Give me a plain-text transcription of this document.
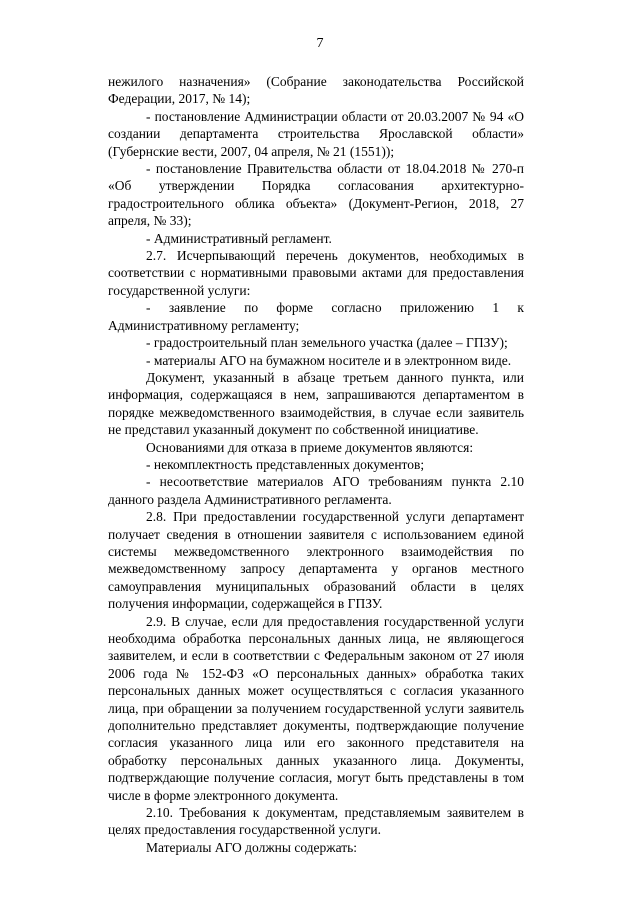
7

нежилого назначения» (Собрание законодательства Российской Федерации, 2017, № 14);

- постановление Администрации области от 20.03.2007 № 94 «О создании департамента строительства Ярославской области» (Губернские вести, 2007, 04 апреля, № 21 (1551));

- постановление Правительства области от 18.04.2018 № 270-п «Об утверждении Порядка согласования архитектурно-градостроительного облика объекта» (Документ-Регион, 2018, 27 апреля, № 33);

- Административный регламент.

2.7. Исчерпывающий перечень документов, необходимых в соответствии с нормативными правовыми актами для предоставления государственной услуги:

- заявление по форме согласно приложению 1 к Административному регламенту;

- градостроительный план земельного участка (далее – ГПЗУ);

- материалы АГО на бумажном носителе и в электронном виде.

Документ, указанный в абзаце третьем данного пункта, или информация, содержащаяся в нем, запрашиваются департаментом в порядке межведомственного взаимодействия, в случае если заявитель не представил указанный документ по собственной инициативе.

Основаниями для отказа в приеме документов являются:

- некомплектность представленных документов;

- несоответствие материалов АГО требованиям пункта 2.10 данного раздела Административного регламента.

2.8. При предоставлении государственной услуги департамент получает сведения в отношении заявителя с использованием единой системы межведомственного электронного взаимодействия по межведомственному запросу департамента у органов местного самоуправления муниципальных образований области в целях получения информации, содержащейся в ГПЗУ.

2.9. В случае, если для предоставления государственной услуги необходима обработка персональных данных лица, не являющегося заявителем, и если в соответствии с Федеральным законом от 27 июля 2006 года № 152-ФЗ «О персональных данных» обработка таких персональных данных может осуществляться с согласия указанного лица, при обращении за получением государственной услуги заявитель дополнительно представляет документы, подтверждающие получение согласия указанного лица или его законного представителя на обработку персональных данных указанного лица. Документы, подтверждающие получение согласия, могут быть представлены в том числе в форме электронного документа.

2.10. Требования к документам, представляемым заявителем в целях предоставления государственной услуги.

Материалы АГО должны содержать:
